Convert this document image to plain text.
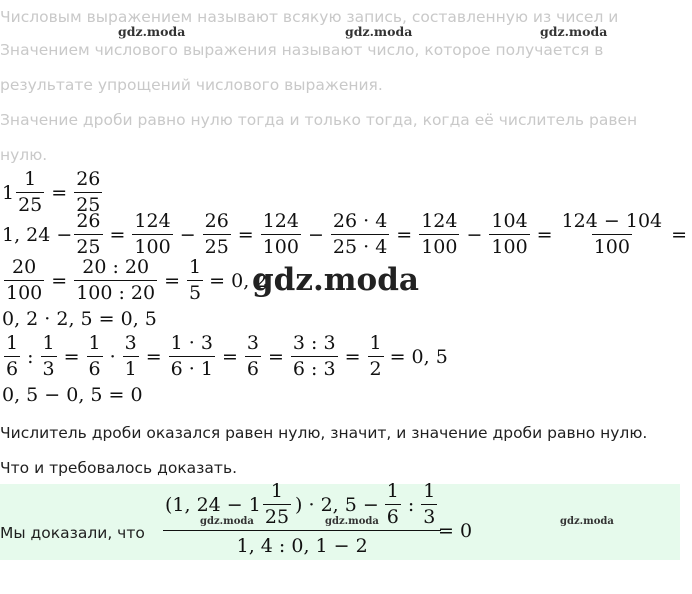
Числовым выражением называют всякую запись, составленную из чисел и
Значением числового выражения называют число, которое получается в
результате упрощений числового выражения.
Значение дроби равно нулю тогда и только тогда, когда её числитель равен
нулю.
gdz.moda	gdz.moda	gdz.moda
$1 \frac{1}{25} = \frac{26}{25}$
1, $24 - \frac{26}{25} = \frac{124}{100} - \frac{26}{25} = \frac{124}{100} - \frac{26 \cdot 4}{25 \cdot 4} = \frac{124}{100} - \frac{104}{100} = \frac{124 - 104}{100}$ =
$\frac{20}{100} = \frac{20 : 20}{100 : 20} = \frac{1}{5} = 0$, 2
gdz.moda
0, 2 · 2, 5 = 0, 5
$\frac{1}{6}$ : $\frac{1}{3} = \frac{1}{6} \cdot \frac{3}{1} = \frac{1 \cdot 3}{6 \cdot 1} = \frac{3}{6} = \frac{3 : 3}{6 : 3} = \frac{1}{2} = 0$, 5
0, 5 − 0, 5 = 0
Числитель дроби оказался равен нулю, значит, и значение дроби равно нулю.
Что и требовалось доказать.
Мы доказали, что $\frac{(1, 24 - 1 \frac{1}{25} ) \cdot 2, 5 - \frac{1}{6} : \frac{1}{3}}{1, 4 : 0, 1 - 2}$
= 0
gdz.moda	gdz.moda	gdz.moda
